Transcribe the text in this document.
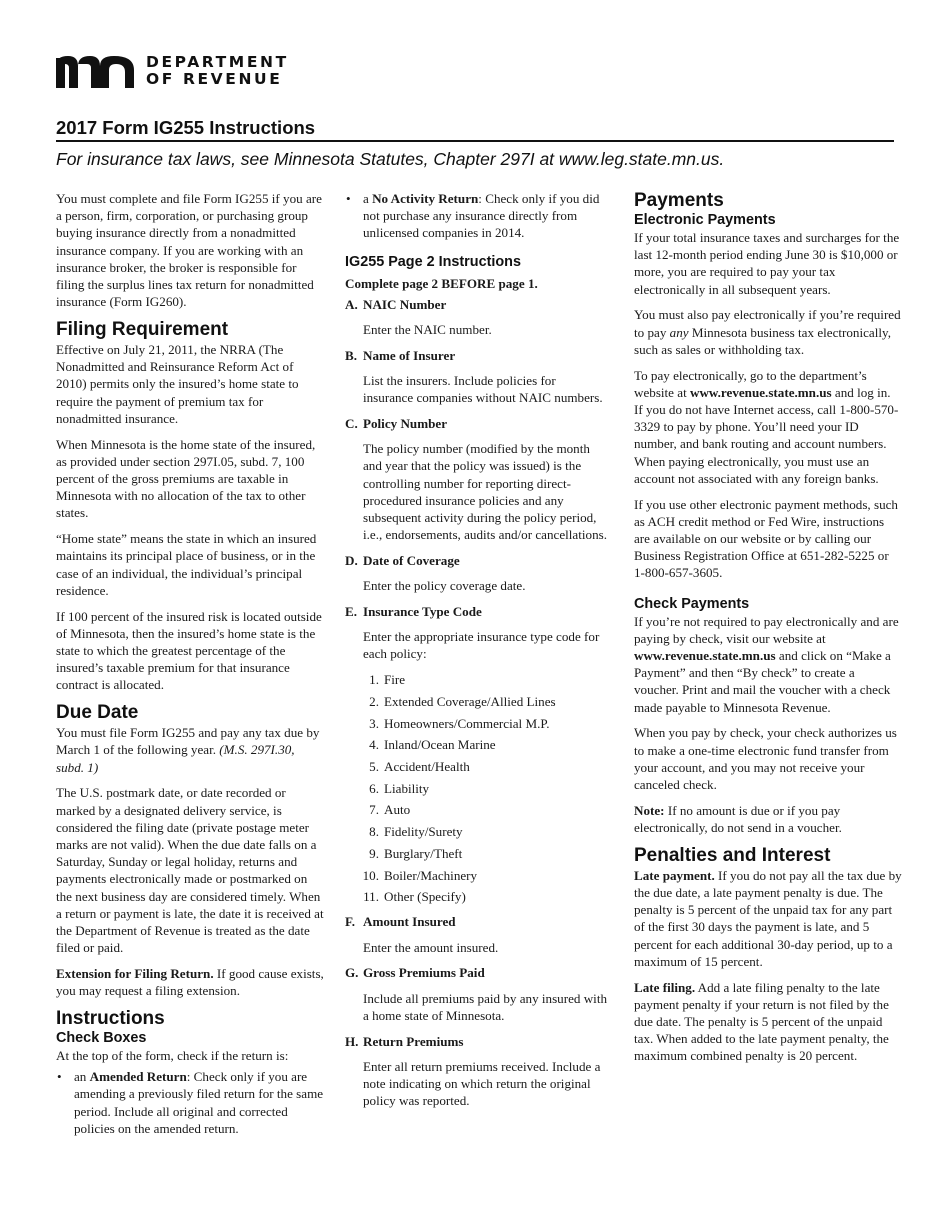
DEPARTMENT
OF REVENUE
2017 Form IG255 Instructions
For insurance tax laws, see Minnesota Statutes, Chapter 297I at www.leg.state.mn.us.

You must complete and file Form IG255 if you are a person, firm, corporation, or purchasing group buying insurance directly from a nonadmitted insurance company. If you are working with an insurance broker, the broker is responsible for filing the surplus lines tax return for nonadmitted insurance (Form IG260).

Filing Requirement

Effective on July 21, 2011, the NRRA (The Nonadmitted and Reinsurance Reform Act of 2010) permits only the insured’s home state to require the payment of premium tax for nonadmitted insurance.

When Minnesota is the home state of the insured, as provided under section 297I.05, subd. 7, 100 percent of the gross premiums are taxable in Minnesota with no allocation of the tax to other states.

“Home state” means the state in which an insured maintains its principal place of business, or in the case of an individual, the individual’s principal residence.

If 100 percent of the insured risk is located outside of Minnesota, then the insured’s home state is the state to which the greatest percentage of the insured’s taxable premium for that insurance contract is allocated.

Due Date

You must file Form IG255 and pay any tax due by March 1 of the following year. (M.S. 297I.30, subd. 1)

The U.S. postmark date, or date recorded or marked by a designated delivery service, is considered the filing date (private postage meter marks are not valid). When the due date falls on a Saturday, Sunday or legal holiday, returns and payments electronically made or postmarked on the next business day are considered timely. When a return or payment is late, the date it is received at the Department of Revenue is treated as the date filed or paid.

Extension for Filing Return. If good cause exists, you may request a filing extension.

Instructions
Check Boxes

At the top of the form, check if the return is:

• an Amended Return: Check only if you are amending a previously filed return for the same period. Include all original and corrected policies on the amended return.
• a No Activity Return: Check only if you did not purchase any insurance directly from unlicensed companies in 2014.
IG255 Page 2 Instructions

Complete page 2 BEFORE page 1.

A. NAIC Number

Enter the NAIC number.

B. Name of Insurer

List the insurers. Include policies for insurance companies without NAIC numbers.

C. Policy Number

The policy number (modified by the month and year that the policy was issued) is the controlling number for reporting direct-procedured insurance policies and any subsequent activity during the policy period, i.e., endorsements, audits and/or cancellations.

D. Date of Coverage

Enter the policy coverage date.

E. Insurance Type Code

Enter the appropriate insurance type code for each policy:

1. Fire
2. Extended Coverage/Allied Lines
3. Homeowners/Commercial M.P.
4. Inland/Ocean Marine
5. Accident/Health
6. Liability
7. Auto
8. Fidelity/Surety
9. Burglary/Theft
10. Boiler/Machinery
11. Other (Specify)
F. Amount Insured

Enter the amount insured.

G. Gross Premiums Paid

Include all premiums paid by any insured with a home state of Minnesota.

H. Return Premiums

Enter all return premiums received. Include a note indicating on which return the original policy was reported.

Payments
Electronic Payments

If your total insurance taxes and surcharges for the last 12-month period ending June 30 is $10,000 or more, you are required to pay your tax electronically in all subsequent years.

You must also pay electronically if you’re required to pay any Minnesota business tax electronically, such as sales or withholding tax.

To pay electronically, go to the department’s website at www.revenue.state.mn.us and log in. If you do not have Internet access, call 1-800-570-3329 to pay by phone. You’ll need your ID number, and bank routing and account numbers. When paying electronically, you must use an account not associated with any foreign banks.

If you use other electronic payment methods, such as ACH credit method or Fed Wire, instructions are available on our website or by calling our Business Registration Office at 651-282-5225 or 1-800-657-3605.

Check Payments

If you’re not required to pay electronically and are paying by check, visit our website at www.revenue.state.mn.us and click on “Make a Payment” and then “By check” to create a voucher. Print and mail the voucher with a check made payable to Minnesota Revenue.

When you pay by check, your check authorizes us to make a one-time electronic fund transfer from your account, and you may not receive your canceled check.

Note: If no amount is due or if you pay electronically, do not send in a voucher.

Penalties and Interest

Late payment. If you do not pay all the tax due by the due date, a late payment penalty is due. The penalty is 5 percent of the unpaid tax for any part of the first 30 days the payment is late, and 5 percent for each additional 30-day period, up to a maximum of 15 percent.

Late filing. Add a late filing penalty to the late payment penalty if your return is not filed by the due date. The penalty is 5 percent of the unpaid tax. When added to the late payment penalty, the maximum combined penalty is 20 percent.
